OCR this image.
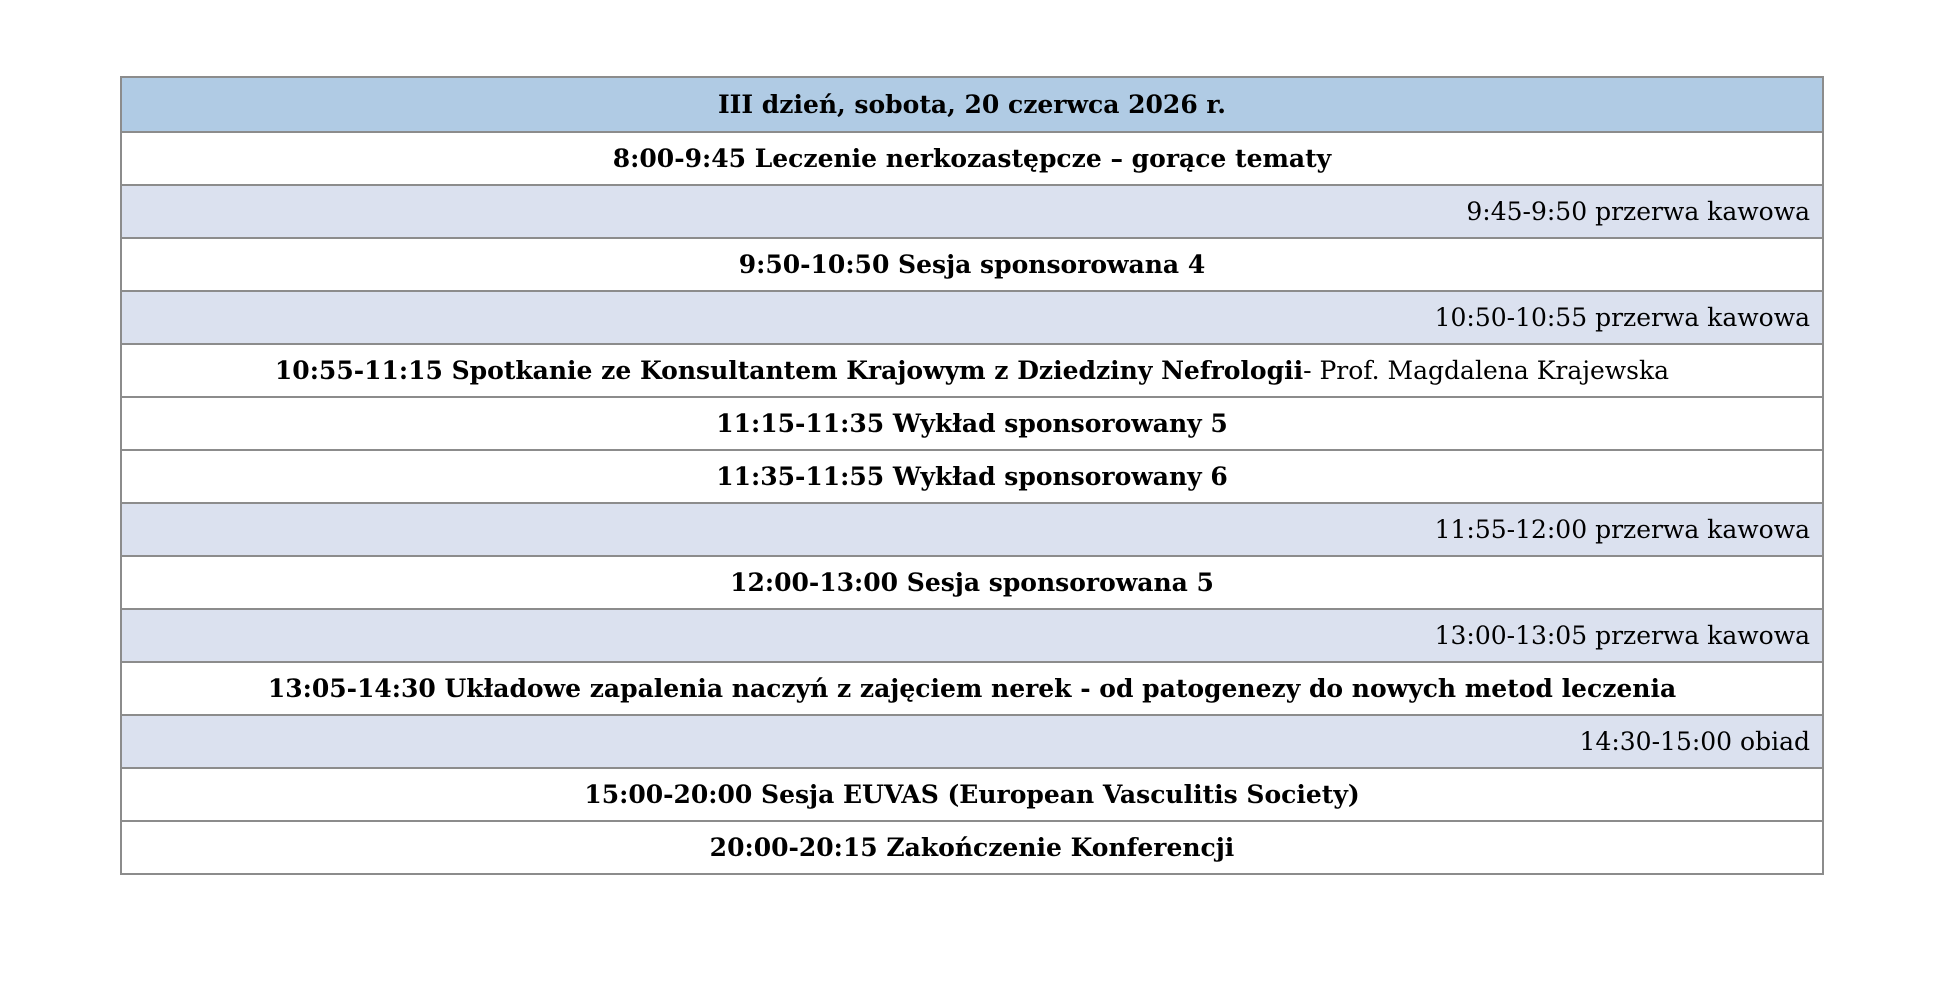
III dzień, sobota, 20 czerwca 2026 r.
8:00-9:45 Leczenie nerkozastępcze – gorące tematy
9:45-9:50 przerwa kawowa
9:50-10:50 Sesja sponsorowana 4
10:50-10:55 przerwa kawowa
10:55-11:15 Spotkanie ze Konsultantem Krajowym z Dziedziny Nefrologii - Prof. Magdalena Krajewska
11:15-11:35 Wykład sponsorowany 5
11:35-11:55 Wykład sponsorowany 6
11:55-12:00 przerwa kawowa
12:00-13:00 Sesja sponsorowana 5
13:00-13:05 przerwa kawowa
13:05-14:30 Układowe zapalenia naczyń z zajęciem nerek - od patogenezy do nowych metod leczenia
14:30-15:00 obiad
15:00-20:00 Sesja EUVAS (European Vasculitis Society)
20:00-20:15 Zakończenie Konferencji
